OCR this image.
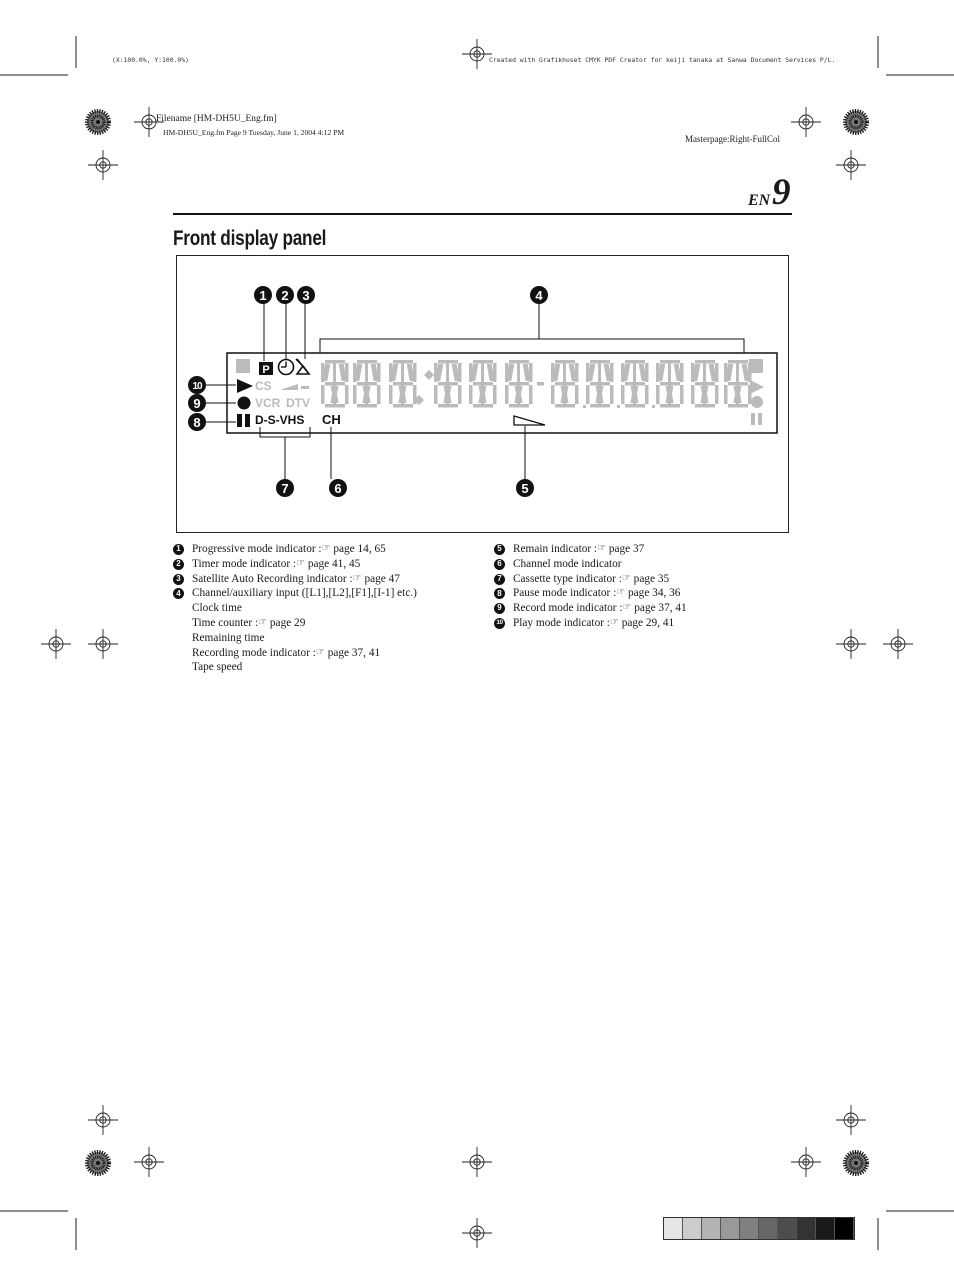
(X:100.0%, Y:100.0%)	Created with Grafikhuset CMYK PDF Creator for keiji tanaka at Sanwa Document Services P/L.
Filename [HM-DH5U_Eng.fm]
HM-DH5U_Eng.fm Page 9 Tuesday, June 1, 2004 4:12 PM
Masterpage:Right-FullCol
EN 9
Front display panel
P
CS
VCR DTV
D-S-VHS CH
1 2 3	4
5
6
7
8
9
10
1 Progressive mode indicator : ☞
page 14, 65
2 Timer mode indicator : ☞
page 41, 45
3 Satellite Auto Recording indicator : ☞
page 47
4 Channel/auxiliary input ([L1],[L2],[F1],[I-1] etc.)
Clock time
Time counter : ☞
page 29
Remaining time
Recording mode indicator : ☞
page 37, 41
Tape speed
5 Remain indicator : ☞
page 37
6 Channel mode indicator
7 Cassette type indicator : ☞
page 35
8 Pause mode indicator : ☞
page 34, 36
9 Record mode indicator : ☞
page 37, 41
10 Play mode indicator : ☞
page 29, 41
